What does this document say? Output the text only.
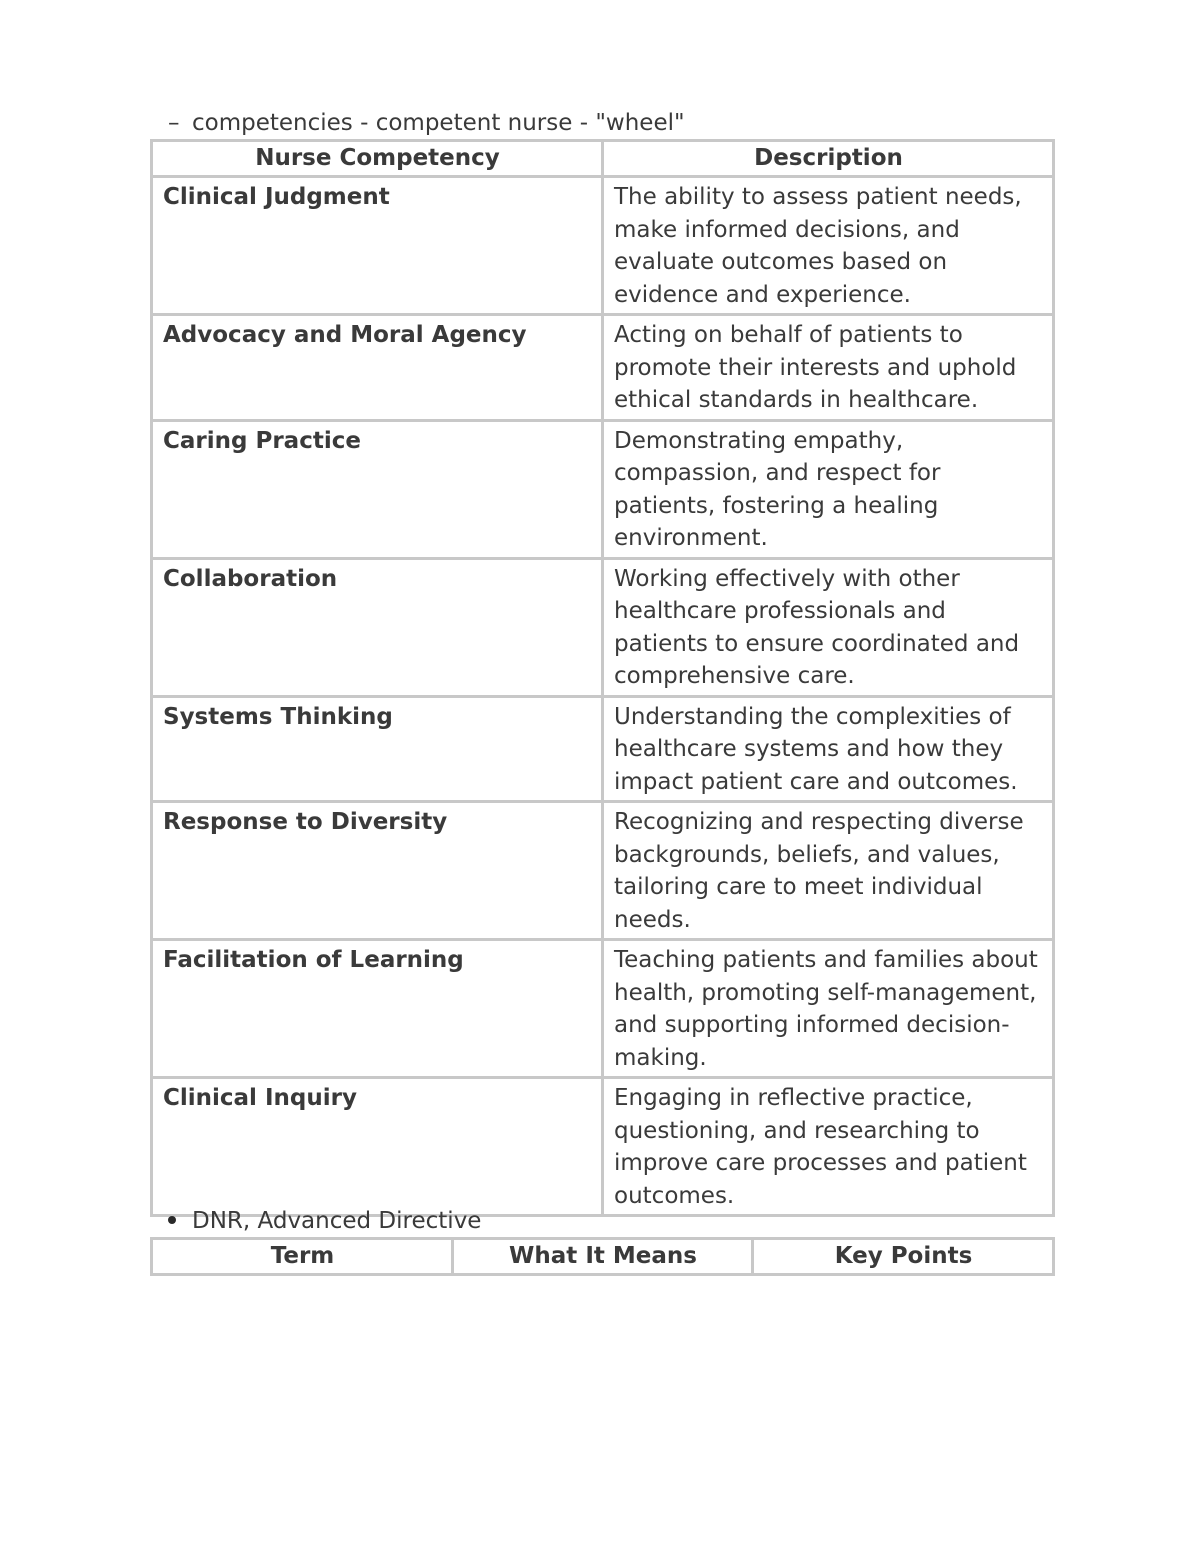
– competencies - competent nurse - "wheel"
Nurse Competency	Description
Clinical Judgment	The ability to assess patient needs, make informed decisions, and evaluate outcomes based on evidence and experience.
Advocacy and Moral Agency	Acting on behalf of patients to promote their interests and uphold ethical standards in healthcare.
Caring Practice	Demonstrating empathy, compassion, and respect for patients, fostering a healing environment.
Collaboration	Working effectively with other healthcare professionals and patients to ensure coordinated and comprehensive care.
Systems Thinking	Understanding the complexities of healthcare systems and how they impact patient care and outcomes.
Response to Diversity	Recognizing and respecting diverse backgrounds, beliefs, and values, tailoring care to meet individual needs.
Facilitation of Learning	Teaching patients and families about health, promoting self-management, and supporting informed decision-making.
Clinical Inquiry	Engaging in reflective practice, questioning, and researching to improve care processes and patient outcomes.
DNR, Advanced Directive
Term	What It Means	Key Points
